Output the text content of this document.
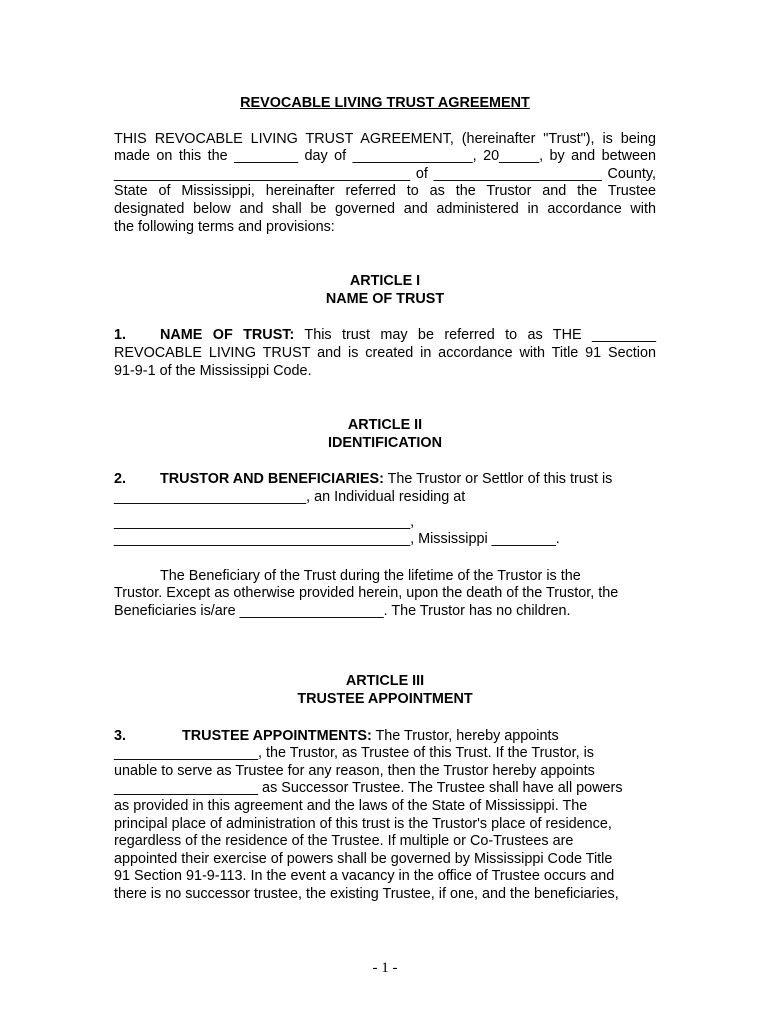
REVOCABLE LIVING TRUST AGREEMENT

THIS REVOCABLE LIVING TRUST AGREEMENT, (hereinafter "Trust"), is being
made on this the ________ day of _______________, 20_____, by and between
_____________________________________ of _____________________ County,
State of Mississippi, hereinafter referred to as the Trustor and the Trustee
designated below and shall be governed and administered in accordance with
the following terms and provisions:

ARTICLE I

NAME OF TRUST

1. NAME OF TRUST: This trust may be referred to as THE ________
REVOCABLE LIVING TRUST and is created in accordance with Title 91 Section
91-9-1 of the Mississippi Code.

ARTICLE II

IDENTIFICATION

2. TRUSTOR AND BENEFICIARIES: The Trustor or Settlor of this trust is
________________________, an Individual residing at
_____________________________________,
_____________________________________, Mississippi ________.
The Beneficiary of the Trust during the lifetime of the Trustor is the
Trustor. Except as otherwise provided herein, upon the death of the Trustor, the
Beneficiaries is/are __________________. The Trustor has no children.

ARTICLE III

TRUSTEE APPOINTMENT

3.	TRUSTEE APPOINTMENTS: The Trustor, hereby appoints
__________________, the Trustor, as Trustee of this Trust. If the Trustor, is
unable to serve as Trustee for any reason, then the Trustor hereby appoints
__________________ as Successor Trustee. The Trustee shall have all powers
as provided in this agreement and the laws of the State of Mississippi. The
principal place of administration of this trust is the Trustor's place of residence,
regardless of the residence of the Trustee. If multiple or Co-Trustees are
appointed their exercise of powers shall be governed by Mississippi Code Title
91 Section 91-9-113. In the event a vacancy in the office of Trustee occurs and
there is no successor trustee, the existing Trustee, if one, and the beneficiaries,
- 1 -
